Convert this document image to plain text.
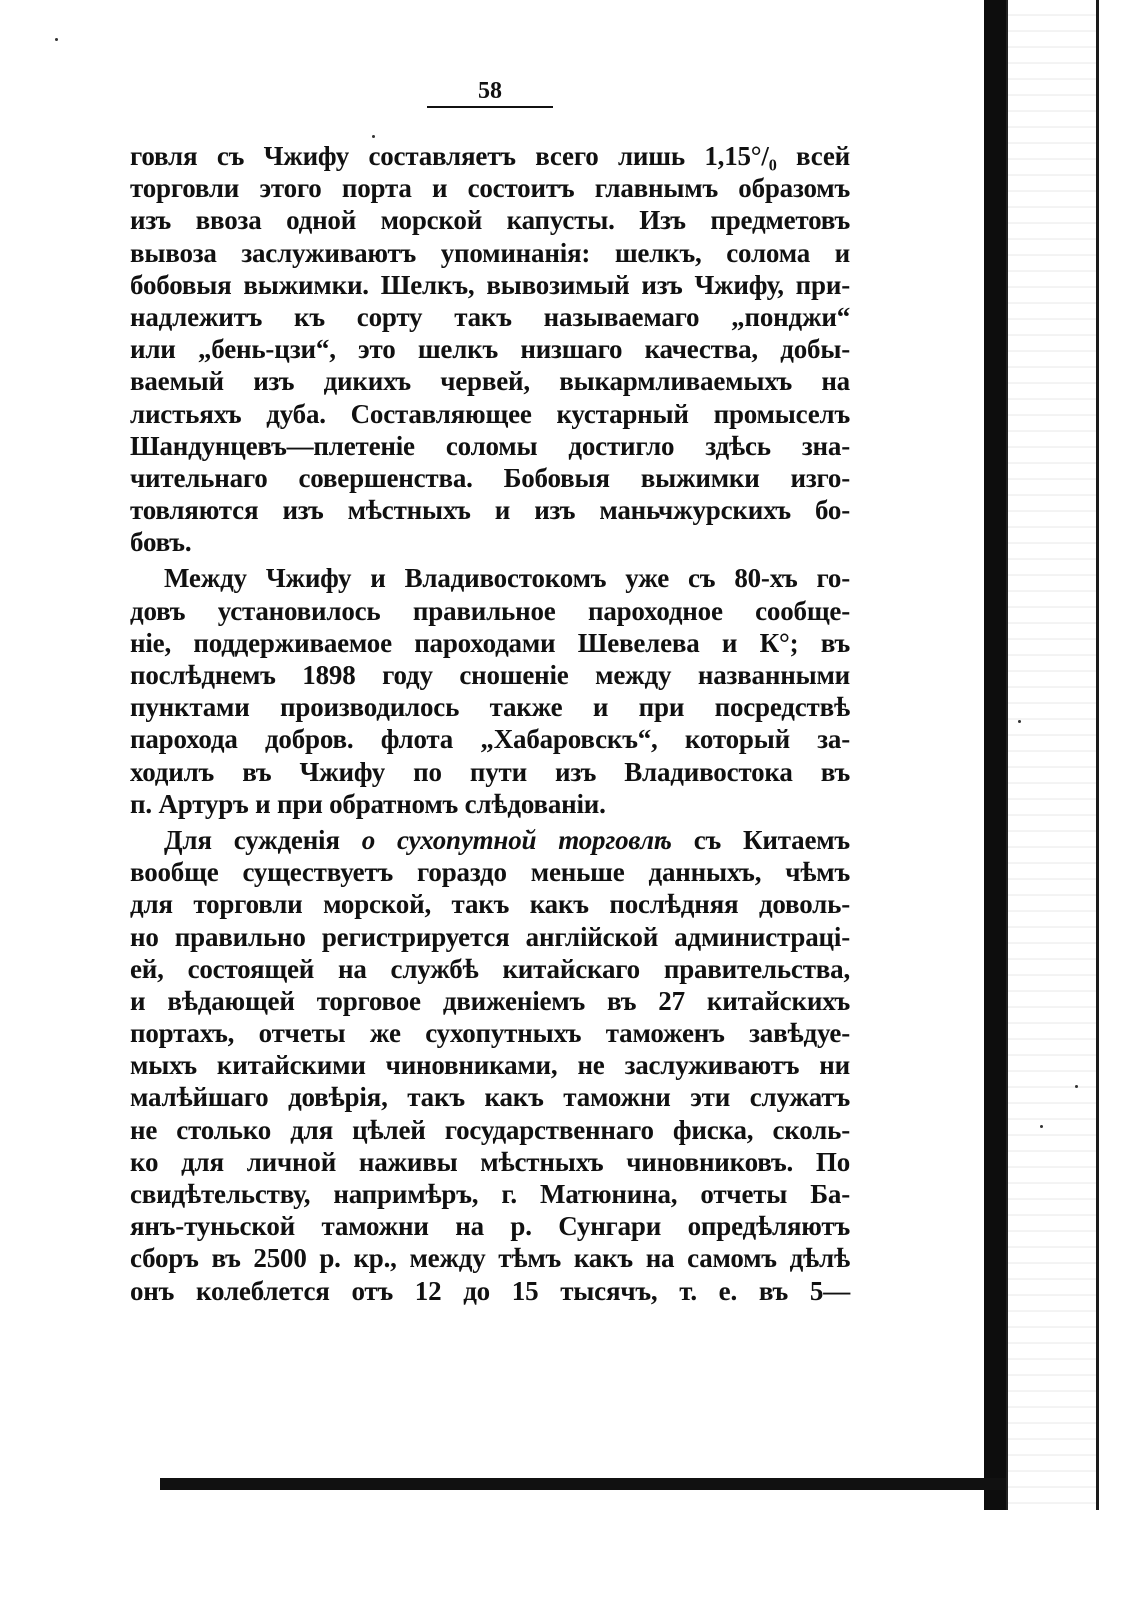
58
говля съ Чжифу составляетъ всего лишь 1,15°/₀ всей
торговли этого порта и состоитъ главнымъ образомъ
изъ ввоза одной морской капусты. Изъ предметовъ
вывоза заслуживаютъ упоминанія: шелкъ, солома и
бобовыя выжимки. Шелкъ, вывозимый изъ Чжифу, при-
надлежитъ къ сорту такъ называемаго „понджи“
или „бень-цзи“, это шелкъ низшаго качества, добы-
ваемый изъ дикихъ червей, выкармливаемыхъ на
листьяхъ дуба. Составляющее кустарный промыселъ
Шандунцевъ—плетеніе соломы достигло здѣсь зна-
чительнаго совершенства. Бобовыя выжимки изго-
товляются изъ мѣстныхъ и изъ маньчжурскихъ бо-
бовъ.
Между Чжифу и Владивостокомъ уже съ 80-хъ го-
довъ установилось правильное пароходное сообще-
ніе, поддерживаемое пароходами Шевелева и К°; въ
послѣднемъ 1898 году сношеніе между названными
пунктами производилось также и при посредствѣ
парохода добров. флота „Хабаровскъ“, который за-
ходилъ въ Чжифу по пути изъ Владивостока въ
п. Артуръ и при обратномъ слѣдованіи.
Для сужденія о сухопутной торговлѣ съ Китаемъ
вообще существуетъ гораздо меньше данныхъ, чѣмъ
для торговли морской, такъ какъ послѣдняя доволь-
но правильно регистрируется англійской администраці-
ей, состоящей на службѣ китайскаго правительства,
и вѣдающей торговое движеніемъ въ 27 китайскихъ
портахъ, отчеты же сухопутныхъ таможенъ завѣдуе-
мыхъ китайскими чиновниками, не заслуживаютъ ни
малѣйшаго довѣрія, такъ какъ таможни эти служатъ
не столько для цѣлей государственнаго фиска, сколь-
ко для личной наживы мѣстныхъ чиновниковъ. По
свидѣтельству, напримѣръ, г. Матюнина, отчеты Ба-
янъ-туньской таможни на р. Сунгари опредѣляютъ
сборъ въ 2500 р. кр., между тѣмъ какъ на самомъ дѣлѣ
онъ колеблется отъ 12 до 15 тысячъ, т. е. въ 5—
